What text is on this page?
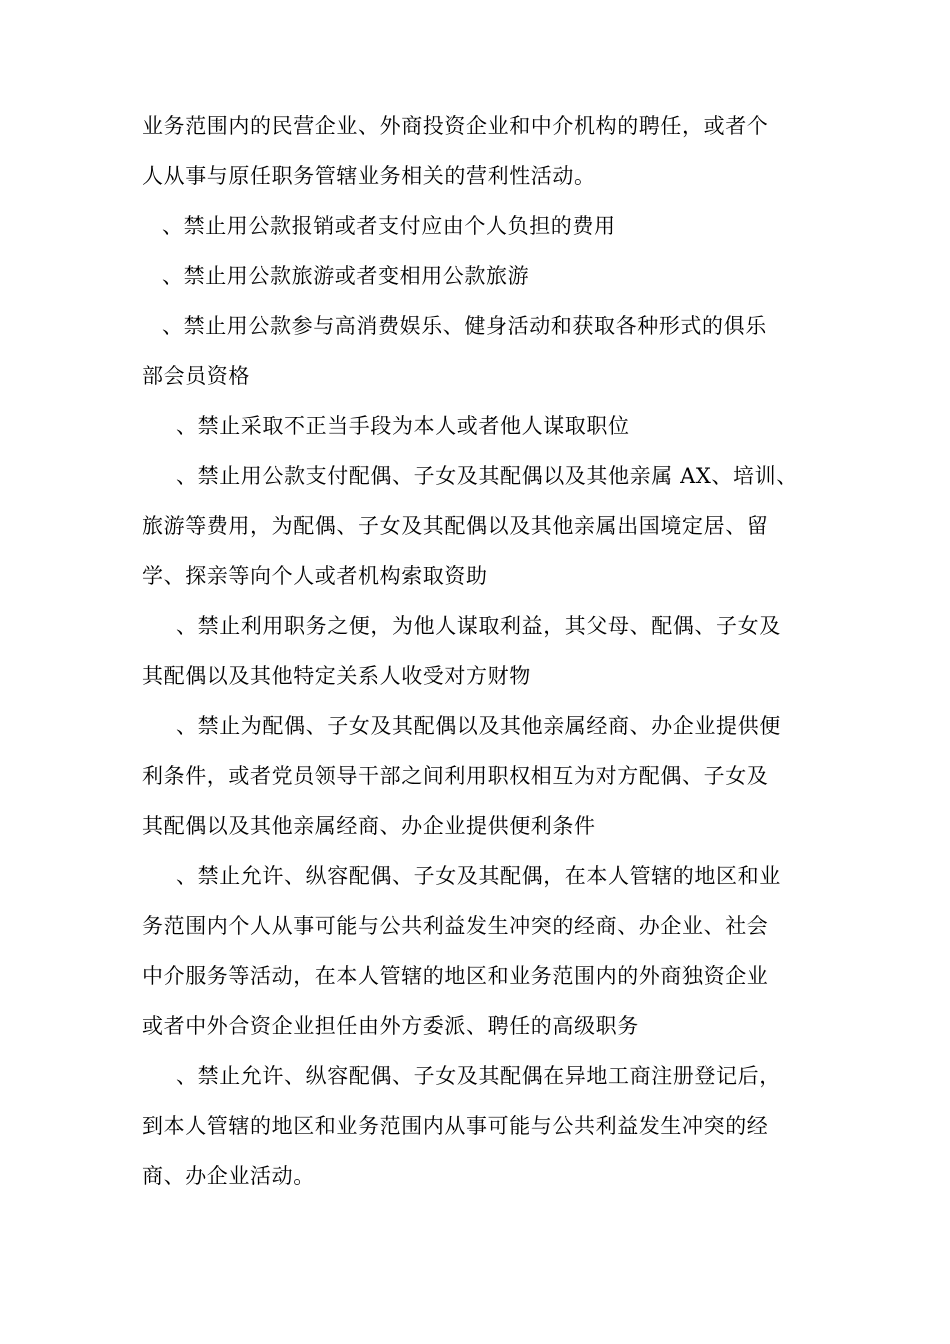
业务范围内的民营企业、外商投资企业和中介机构的聘任，或者个
人从事与原任职务管辖业务相关的营利性活动。
、禁止用公款报销或者支付应由个人负担的费用
、禁止用公款旅游或者变相用公款旅游
、禁止用公款参与高消费娱乐、健身活动和获取各种形式的俱乐
部会员资格
、禁止采取不正当手段为本人或者他人谋取职位
、禁止用公款支付配偶、子女及其配偶以及其他亲属 AX、培训、
旅游等费用，为配偶、子女及其配偶以及其他亲属出国境定居、留
学、探亲等向个人或者机构索取资助
、禁止利用职务之便，为他人谋取利益，其父母、配偶、子女及
其配偶以及其他特定关系人收受对方财物
、禁止为配偶、子女及其配偶以及其他亲属经商、办企业提供便
利条件，或者党员领导干部之间利用职权相互为对方配偶、子女及
其配偶以及其他亲属经商、办企业提供便利条件
、禁止允许、纵容配偶、子女及其配偶，在本人管辖的地区和业
务范围内个人从事可能与公共利益发生冲突的经商、办企业、社会
中介服务等活动，在本人管辖的地区和业务范围内的外商独资企业
或者中外合资企业担任由外方委派、聘任的高级职务
、禁止允许、纵容配偶、子女及其配偶在异地工商注册登记后，
到本人管辖的地区和业务范围内从事可能与公共利益发生冲突的经
商、办企业活动。
